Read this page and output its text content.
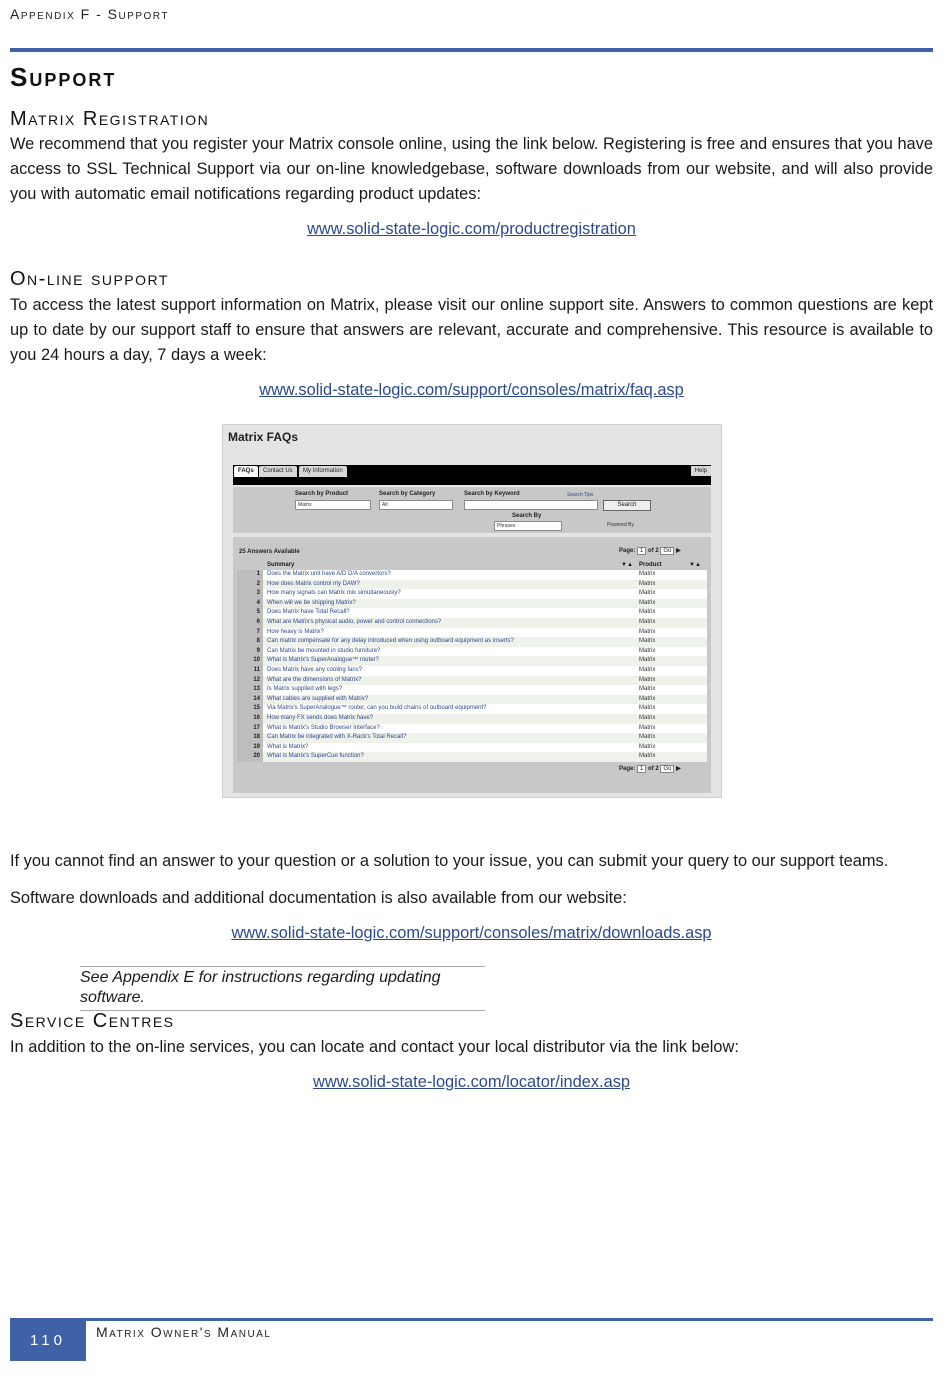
Appendix F - Support
Support
Matrix Registration
We recommend that you register your Matrix console online, using the link below. Registering is free and ensures that you have access to SSL Technical Support via our on-line knowledgebase, software downloads from our website, and will also provide you with automatic email notifications regarding product updates:
www.solid-state-logic.com/productregistration
On-line support
To access the latest support information on Matrix, please visit our online support site. Answers to common questions are kept up to date by our support staff to ensure that answers are relevant, accurate and comprehensive. This resource is available to you 24 hours a day, 7 days a week:
www.solid-state-logic.com/support/consoles/matrix/faq.asp
Matrix FAQs
FAQs	Contact Us	My Information	Help
Search by Product
Matrix
Search by Category
All
Search by Keyword	Search Tips
Search
Search By
Phrases	Powered By
25 Answers Available	Page: 1 of 2 Go ▶
Summary	▼▲ Product	▼▲
1	Does the Matrix unit have A/D D/A convertors?	Matrix
2	How does Matrix control my DAW?	Matrix
3	How many signals can Matrix mix simultaneously?	Matrix
4	When will we be shipping Matrix?	Matrix
5	Does Matrix have Total Recall?	Matrix
6	What are Matrix's physical audio, power and control connections?	Matrix
7	How heavy is Matrix?	Matrix
8	Can matrix compensate for any delay introduced when using outboard equipment as inserts?	Matrix
9	Can Matrix be mounted in studio furniture?	Matrix
10	What is Matrix's SuperAnalogue™ router?	Matrix
11	Does Matrix have any cooling fans?	Matrix
12	What are the dimensions of Matrix?	Matrix
13	Is Matrix supplied with legs?	Matrix
14	What cables are supplied with Matrix?	Matrix
15	Via Matrix's SuperAnalogue™ router, can you build chains of outboard equipment?	Matrix
16	How many FX sends does Matrix have?	Matrix
17	What is Matrix's Studio Browser Interface?	Matrix
18	Can Matrix be integrated with X-Rack's Total Recall?	Matrix
19	What is Matrix?	Matrix
20	What is Matrix's SuperCue function?	Matrix
Page: 1 of 2 Go ▶
If you cannot find an answer to your question or a solution to your issue, you can submit your query to our support teams.
Software downloads and additional documentation is also available from our website:
www.solid-state-logic.com/support/consoles/matrix/downloads.asp
See Appendix E for instructions regarding updating software.
Service Centres
In addition to the on-line services, you can locate and contact your local distributor via the link below:
www.solid-state-logic.com/locator/index.asp
110	Matrix Owner's Manual
